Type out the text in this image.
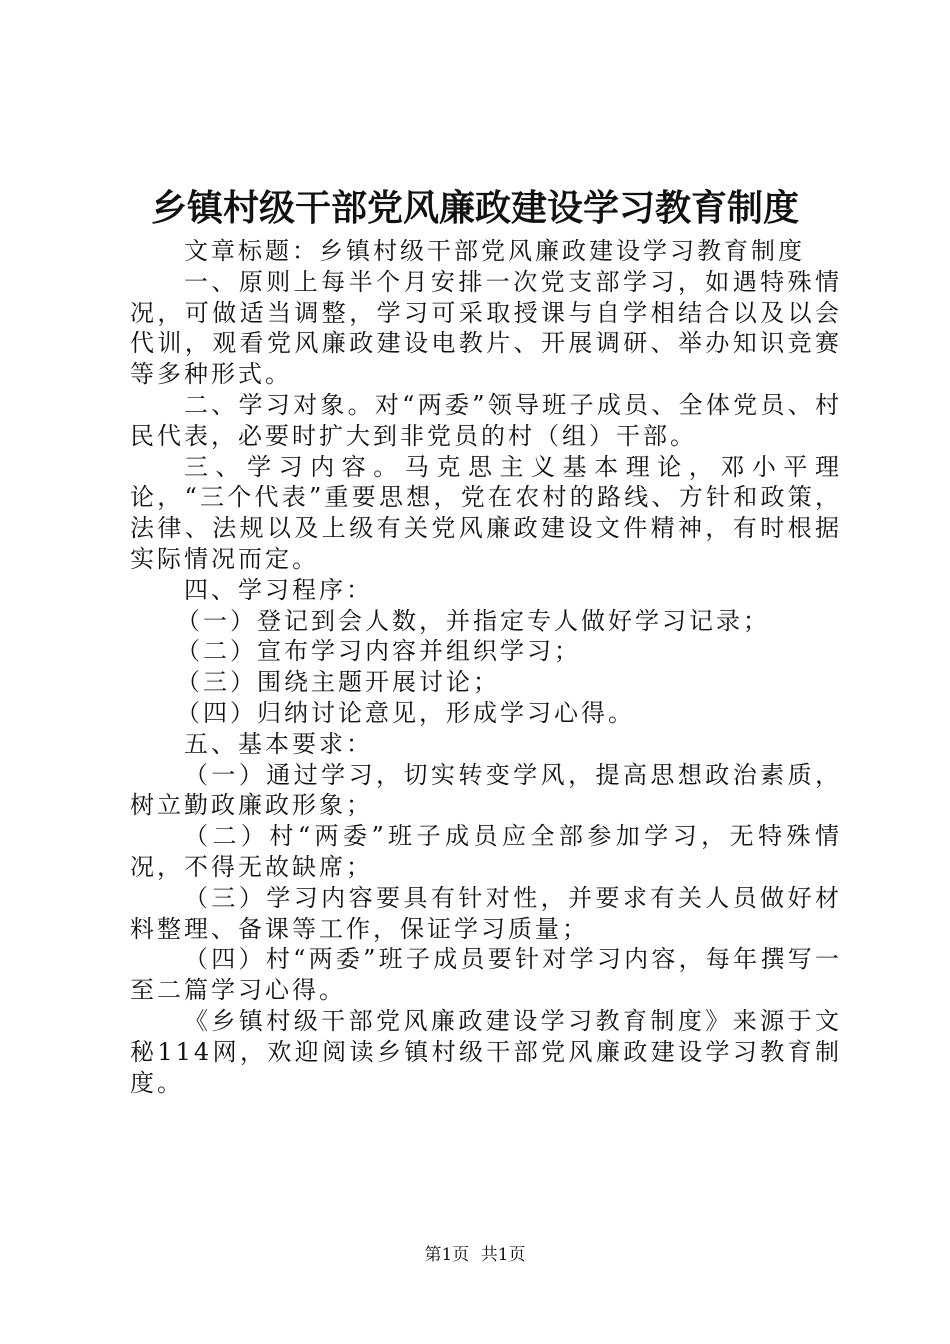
乡镇村级干部党风廉政建设学习教育制度

文章标题：乡镇村级干部党风廉政建设学习教育制度

一、原则上每半个月安排一次党支部学习，如遇特殊情况，可做适当调整，学习可采取授课与自学相结合以及以会代训，观看党风廉政建设电教片、开展调研、举办知识竞赛等多种形式。

二、学习对象。对“两委”领导班子成员、全体党员、村民代表，必要时扩大到非党员的村（组）干部。

三、学习内容。马克思主义基本理论，邓小平理论，“三个代表”重要思想，党在农村的路线、方针和政策，法律、法规以及上级有关党风廉政建设文件精神，有时根据实际情况而定。

四、学习程序：

（一）登记到会人数，并指定专人做好学习记录；

（二）宣布学习内容并组织学习；

（三）围绕主题开展讨论；

（四）归纳讨论意见，形成学习心得。

五、基本要求：

（一）通过学习，切实转变学风，提高思想政治素质，树立勤政廉政形象；

（二）村“两委”班子成员应全部参加学习，无特殊情况，不得无故缺席；

（三）学习内容要具有针对性，并要求有关人员做好材料整理、备课等工作，保证学习质量；

（四）村“两委”班子成员要针对学习内容，每年撰写一至二篇学习心得。

《乡镇村级干部党风廉政建设学习教育制度》来源于文秘114网，欢迎阅读乡镇村级干部党风廉政建设学习教育制度。

第1页 共1页
